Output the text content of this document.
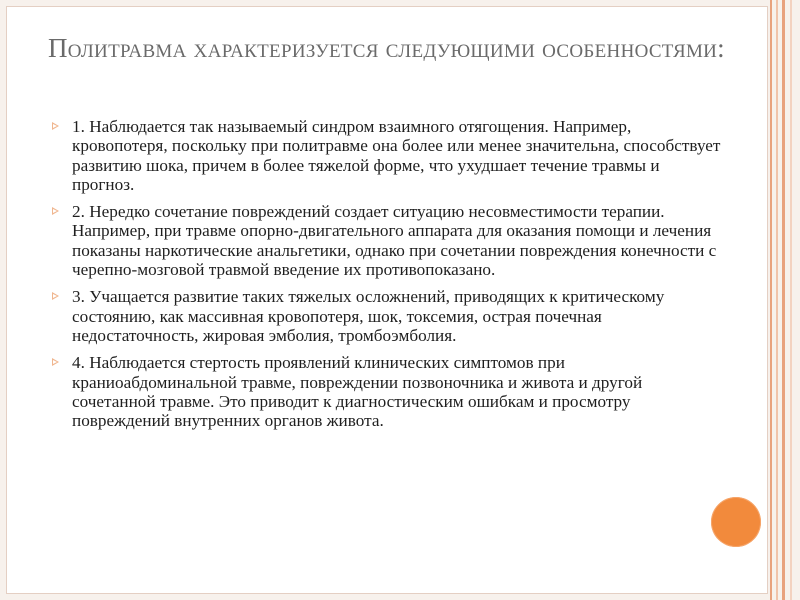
Политравма характеризуется следующими особенностями:
1. Наблюдается так называемый синдром взаимного отягощения. Например, кровопотеря, поскольку при политравме она более или менее значительна, способствует развитию шока, причем в более тяжелой форме, что ухудшает течение травмы и прогноз.
2. Нередко сочетание повреждений создает ситуацию несовместимости терапии. Например, при травме опорно-двигательного аппарата для оказания помощи и лечения показаны наркотические анальгетики, однако при сочетании повреждения конечности с черепно-мозговой травмой введение их противопоказано.
3. Учащается развитие таких тяжелых осложнений, приводящих к критическому состоянию, как массивная кровопотеря, шок, токсемия, острая почечная недостаточность, жировая эмболия, тромбоэмболия.
4. Наблюдается стертость проявлений клинических симптомов при краниоабдоминальной травме, повреждении позвоночника и живота и другой сочетанной травме. Это приводит к диагностическим ошибкам и просмотру повреждений внутренних органов живота.
